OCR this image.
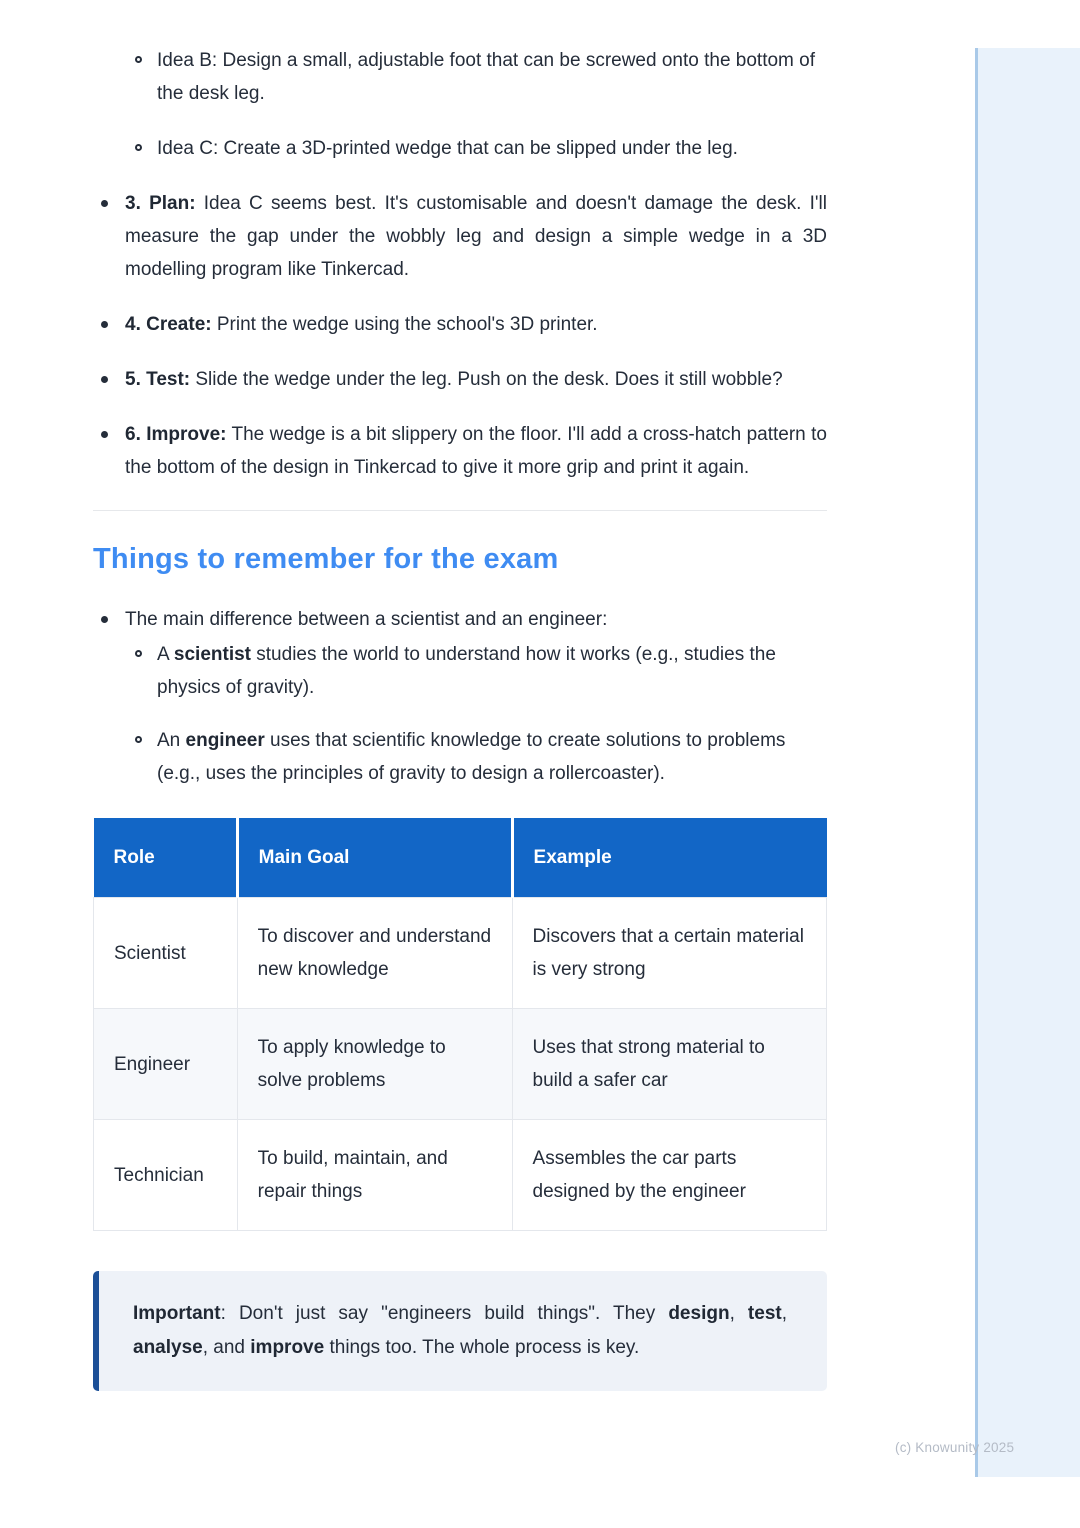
(c) Knowunity 2025
Idea B: Design a small, adjustable foot that can be screwed onto the bottom of the desk leg.
Idea C: Create a 3D-printed wedge that can be slipped under the leg.
3. Plan: Idea C seems best. It's customisable and doesn't damage the desk. I'll measure the gap under the wobbly leg and design a simple wedge in a 3D modelling program like Tinkercad.
4. Create: Print the wedge using the school's 3D printer.
5. Test: Slide the wedge under the leg. Push on the desk. Does it still wobble?
6. Improve: The wedge is a bit slippery on the floor. I'll add a cross-hatch pattern to the bottom of the design in Tinkercad to give it more grip and print it again.
Things to remember for the exam
The main difference between a scientist and an engineer:
A scientist studies the world to understand how it works (e.g., studies the physics of gravity).
An engineer uses that scientific knowledge to create solutions to problems (e.g., uses the principles of gravity to design a rollercoaster).
Role	Main Goal	Example
Scientist	To discover and understand new knowledge	Discovers that a certain material is very strong
Engineer	To apply knowledge to solve problems	Uses that strong material to build a safer car
Technician	To build, maintain, and repair things	Assembles the car parts designed by the engineer
Important: Don't just say "engineers build things". They design, test, analyse, and improve things too. The whole process is key.
